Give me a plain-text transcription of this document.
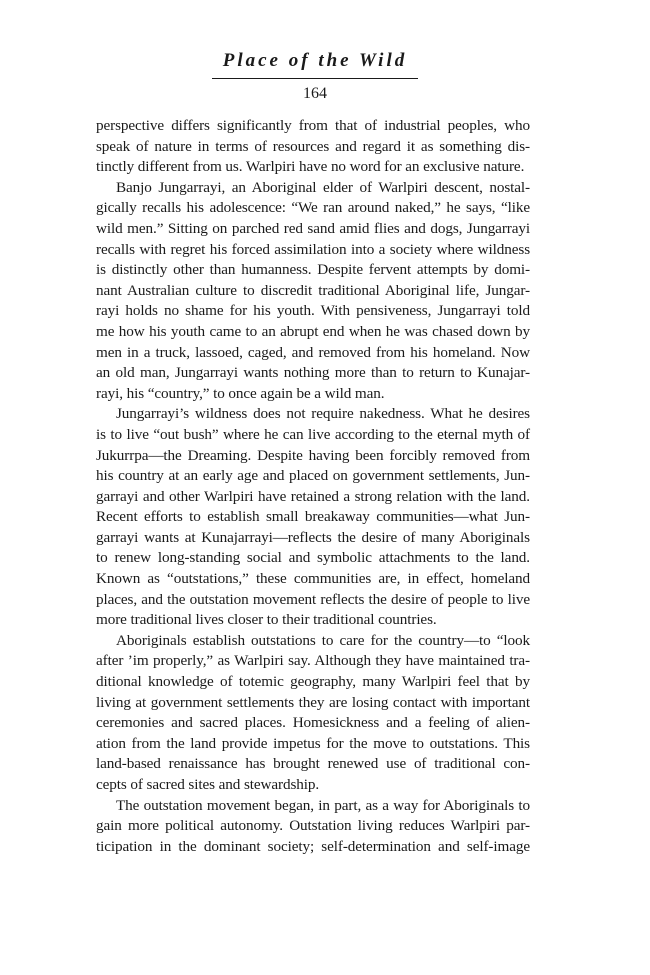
Place of the Wild
164
perspective differs significantly from that of industrial peoples, who
speak of nature in terms of resources and regard it as something dis-
tinctly different from us. Warlpiri have no word for an exclusive nature.
Banjo Jungarrayi, an Aboriginal elder of Warlpiri descent, nostal-
gically recalls his adolescence: “We ran around naked,” he says, “like
wild men.” Sitting on parched red sand amid flies and dogs, Jungarrayi
recalls with regret his forced assimilation into a society where wildness
is distinctly other than humanness. Despite fervent attempts by domi-
nant Australian culture to discredit traditional Aboriginal life, Jungar-
rayi holds no shame for his youth. With pensiveness, Jungarrayi told
me how his youth came to an abrupt end when he was chased down by
men in a truck, lassoed, caged, and removed from his homeland. Now
an old man, Jungarrayi wants nothing more than to return to Kunajar-
rayi, his “country,” to once again be a wild man.
Jungarrayi’s wildness does not require nakedness. What he desires
is to live “out bush” where he can live according to the eternal myth of
Jukurrpa—the Dreaming. Despite having been forcibly removed from
his country at an early age and placed on government settlements, Jun-
garrayi and other Warlpiri have retained a strong relation with the land.
Recent efforts to establish small breakaway communities—what Jun-
garrayi wants at Kunajarrayi—reflects the desire of many Aboriginals
to renew long-standing social and symbolic attachments to the land.
Known as “outstations,” these communities are, in effect, homeland
places, and the outstation movement reflects the desire of people to live
more traditional lives closer to their traditional countries.
Aboriginals establish outstations to care for the country—to “look
after ’im properly,” as Warlpiri say. Although they have maintained tra-
ditional knowledge of totemic geography, many Warlpiri feel that by
living at government settlements they are losing contact with important
ceremonies and sacred places. Homesickness and a feeling of alien-
ation from the land provide impetus for the move to outstations. This
land-based renaissance has brought renewed use of traditional con-
cepts of sacred sites and stewardship.
The outstation movement began, in part, as a way for Aboriginals to
gain more political autonomy. Outstation living reduces Warlpiri par-
ticipation in the dominant society; self-determination and self-image
